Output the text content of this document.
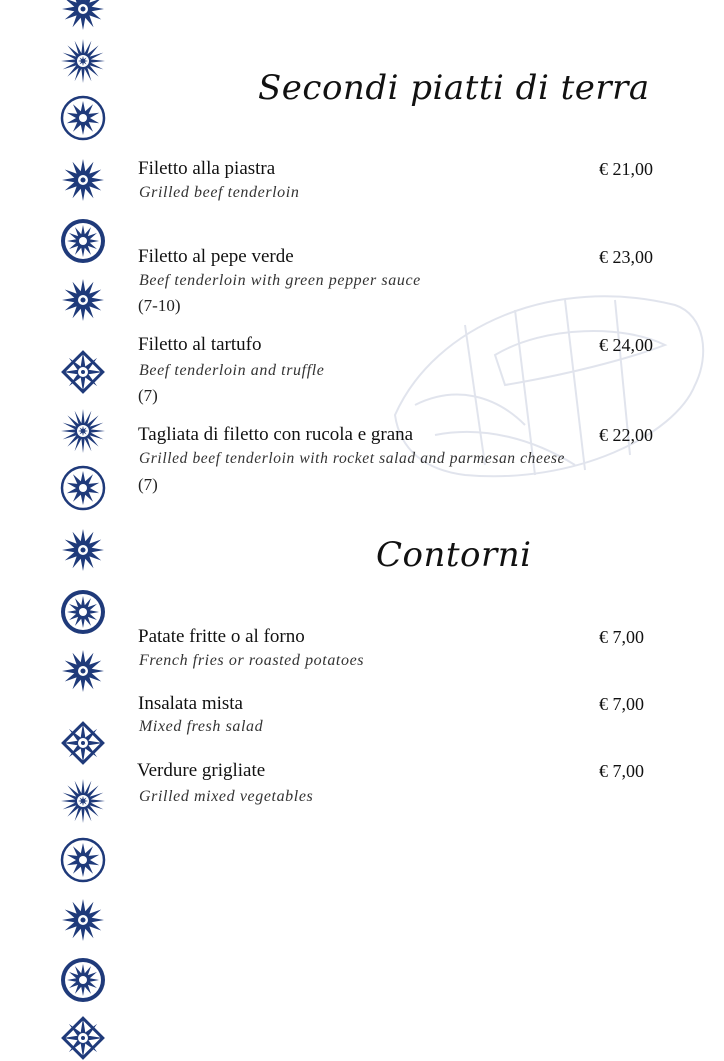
Secondi piatti di terra
Filetto alla piastra	€ 21,00
Grilled beef tenderloin
Filetto al pepe verde	€ 23,00
Beef tenderloin with green pepper sauce
(7-10)
Filetto al tartufo	€ 24,00
Beef tenderloin and truffle
(7)
Tagliata di filetto con rucola e grana	€ 22,00
Grilled beef tenderloin with rocket salad and parmesan cheese
(7)
Contorni
Patate fritte o al forno	€ 7,00
French fries or roasted potatoes
Insalata mista	€ 7,00
Mixed fresh salad
Verdure grigliate	€ 7,00
Grilled mixed vegetables
